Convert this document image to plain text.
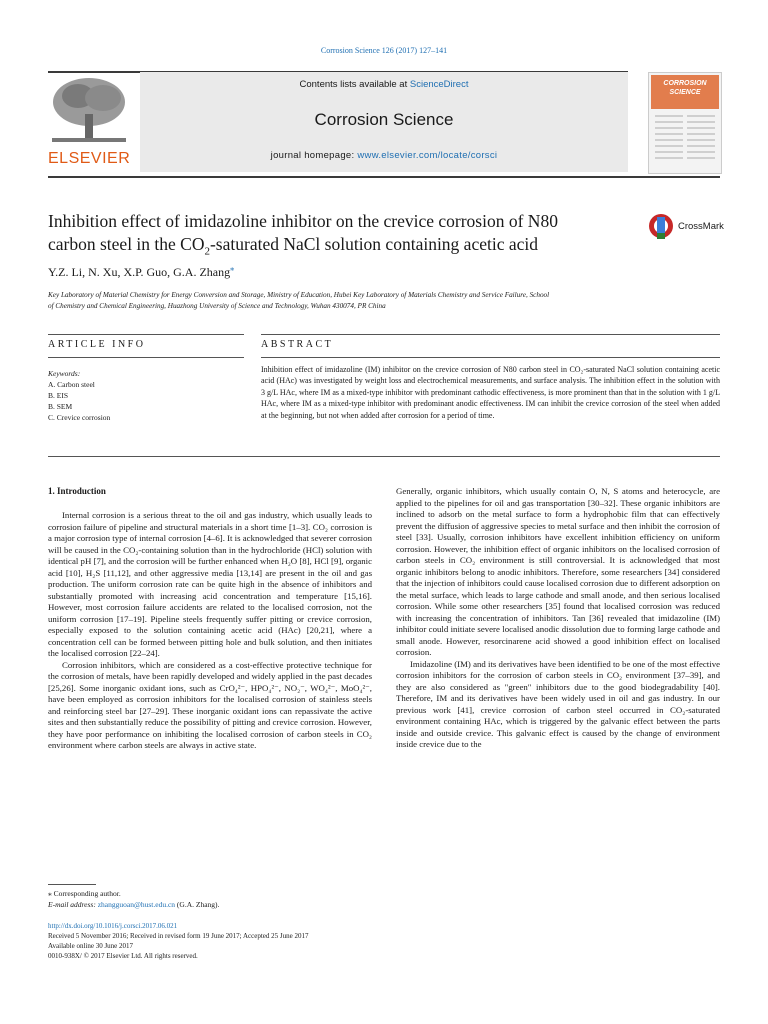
Corrosion Science 126 (2017) 127–141
ELSEVIER
Contents lists available at ScienceDirect
Corrosion Science
journal homepage: www.elsevier.com/locate/corsci
CORROSION SCIENCE
Inhibition effect of imidazoline inhibitor on the crevice corrosion of N80
carbon steel in the $CO_2$-saturated NaCl solution containing acetic acid
CrossMark
Y.Z. Li, N. Xu, X.P. Guo, G.A. Zhang⁎
Key Laboratory of Material Chemistry for Energy Conversion and Storage, Ministry of Education, Hubei Key Laboratory of Materials Chemistry and Service Failure, School
of Chemistry and Chemical Engineering, Huazhong University of Science and Technology, Wuhan 430074, PR China
ARTICLE INFO
Keywords:
A. Carbon steel
B. EIS
B. SEM
C. Crevice corrosion
ABSTRACT
Inhibition effect of imidazoline (IM) inhibitor on the crevice corrosion of N80 carbon steel in CO₂-saturated NaCl solution containing acetic acid (HAc) was investigated by weight loss and electrochemical measurements, and surface analysis. The inhibition effect in the solution with 3 g/L HAc, where IM as a mixed-type inhibitor with predominant cathodic effectiveness, is more prominent than that in the solution with 1 g/L HAc, where IM as a mixed-type inhibitor with predominant anodic effectiveness. IM can inhibit the crevice corrosion of the steel when added at the beginning, but not when added after corrosion for a period of time.
1. Introduction

Internal corrosion is a serious threat to the oil and gas industry, which usually leads to corrosion failure of pipeline and structural materials in a short time [1–3]. CO₂ corrosion is a major corrosion type of internal corrosion [4–6]. It is acknowledged that severer corrosion will be caused in the CO₂-containing solution than in the hydrochloride (HCl) solution with identical pH [7], and the corrosion will be further enhanced when H₂O [8], HCl [9], organic acid [10], H₂S [11,12], and other aggressive media [13,14] are present in the oil and gas production. The uniform corrosion rate can be quite high in the absence of inhibitors and substantially promoted with increasing acid concentration and temperature [15,16]. However, most corrosion failure accidents are related to the localised corrosion, not the uniform corrosion [17–19]. Pipeline steels frequently suffer pitting or crevice corrosion, especially exposed to the solution containing acetic acid (HAc) [20,21], where a concentration cell can be formed between pitting hole and bulk solution, and then initiates the localised corrosion [22–24].

Corrosion inhibitors, which are considered as a cost-effective protective technique for the corrosion of metals, have been rapidly developed and widely applied in the past decades [25,26]. Some inorganic oxidant ions, such as CrO₄²⁻, HPO₄²⁻, NO₂⁻, WO₄²⁻, MoO₄²⁻, have been employed as corrosion inhibitors for the localised corrosion of stainless steels and reinforcing steel bar [27–29]. These inorganic oxidant ions can repassivate the active sites and then substantially reduce the possibility of pitting and crevice corrosion. However, they have poor performance on inhibiting the localised corrosion of carbon steels in CO₂ environment where carbon steels are always in active state.

Generally, organic inhibitors, which usually contain O, N, S atoms and heterocycle, are applied to the pipelines for oil and gas transportation [30–32]. These organic inhibitors are inclined to adsorb on the metal surface to form a hydrophobic film that can effectively prevent the diffusion of aggressive species to metal surface and then inhibit the corrosion of steel [33]. Usually, corrosion inhibitors have excellent inhibition efficiency on uniform corrosion. However, the inhibition effect of organic inhibitors on the localised corrosion of carbon steels in CO₂ environment is still controversial. It is acknowledged that most organic inhibitors belong to anodic inhibitors. Therefore, some researchers [34] considered that the injection of inhibitors could cause localised corrosion due to different adsorption on the metal surface, which leads to large cathode and small anode, and then serious localised corrosion. While some other researchers [35] found that localised corrosion was reduced with increasing the concentration of inhibitors. Tan [36] revealed that imidazoline (IM) inhibitor could initiate severe localised anodic dissolution due to forming large cathode and small anode. However, resorcinarene acid showed a good inhibition effect on localised corrosion.

Imidazoline (IM) and its derivatives have been identified to be one of the most effective corrosion inhibitors for the corrosion of carbon steels in CO₂ environment [37–39], and they are also considered as "green" inhibitors due to the good biodegradability [40]. Therefore, IM and its derivatives have been widely used in oil and gas industry. In our previous work [41], crevice corrosion of carbon steel occurred in CO₂-saturated environment containing HAc, which is triggered by the galvanic effect between the parts inside and outside crevice. This galvanic effect is caused by the change of environment inside crevice due to the

⁎ Corresponding author.
E-mail address: zhangguoan@hust.edu.cn (G.A. Zhang).
http://dx.doi.org/10.1016/j.corsci.2017.06.021
Received 5 November 2016; Received in revised form 19 June 2017; Accepted 25 June 2017
Available online 30 June 2017
0010-938X/ © 2017 Elsevier Ltd. All rights reserved.
